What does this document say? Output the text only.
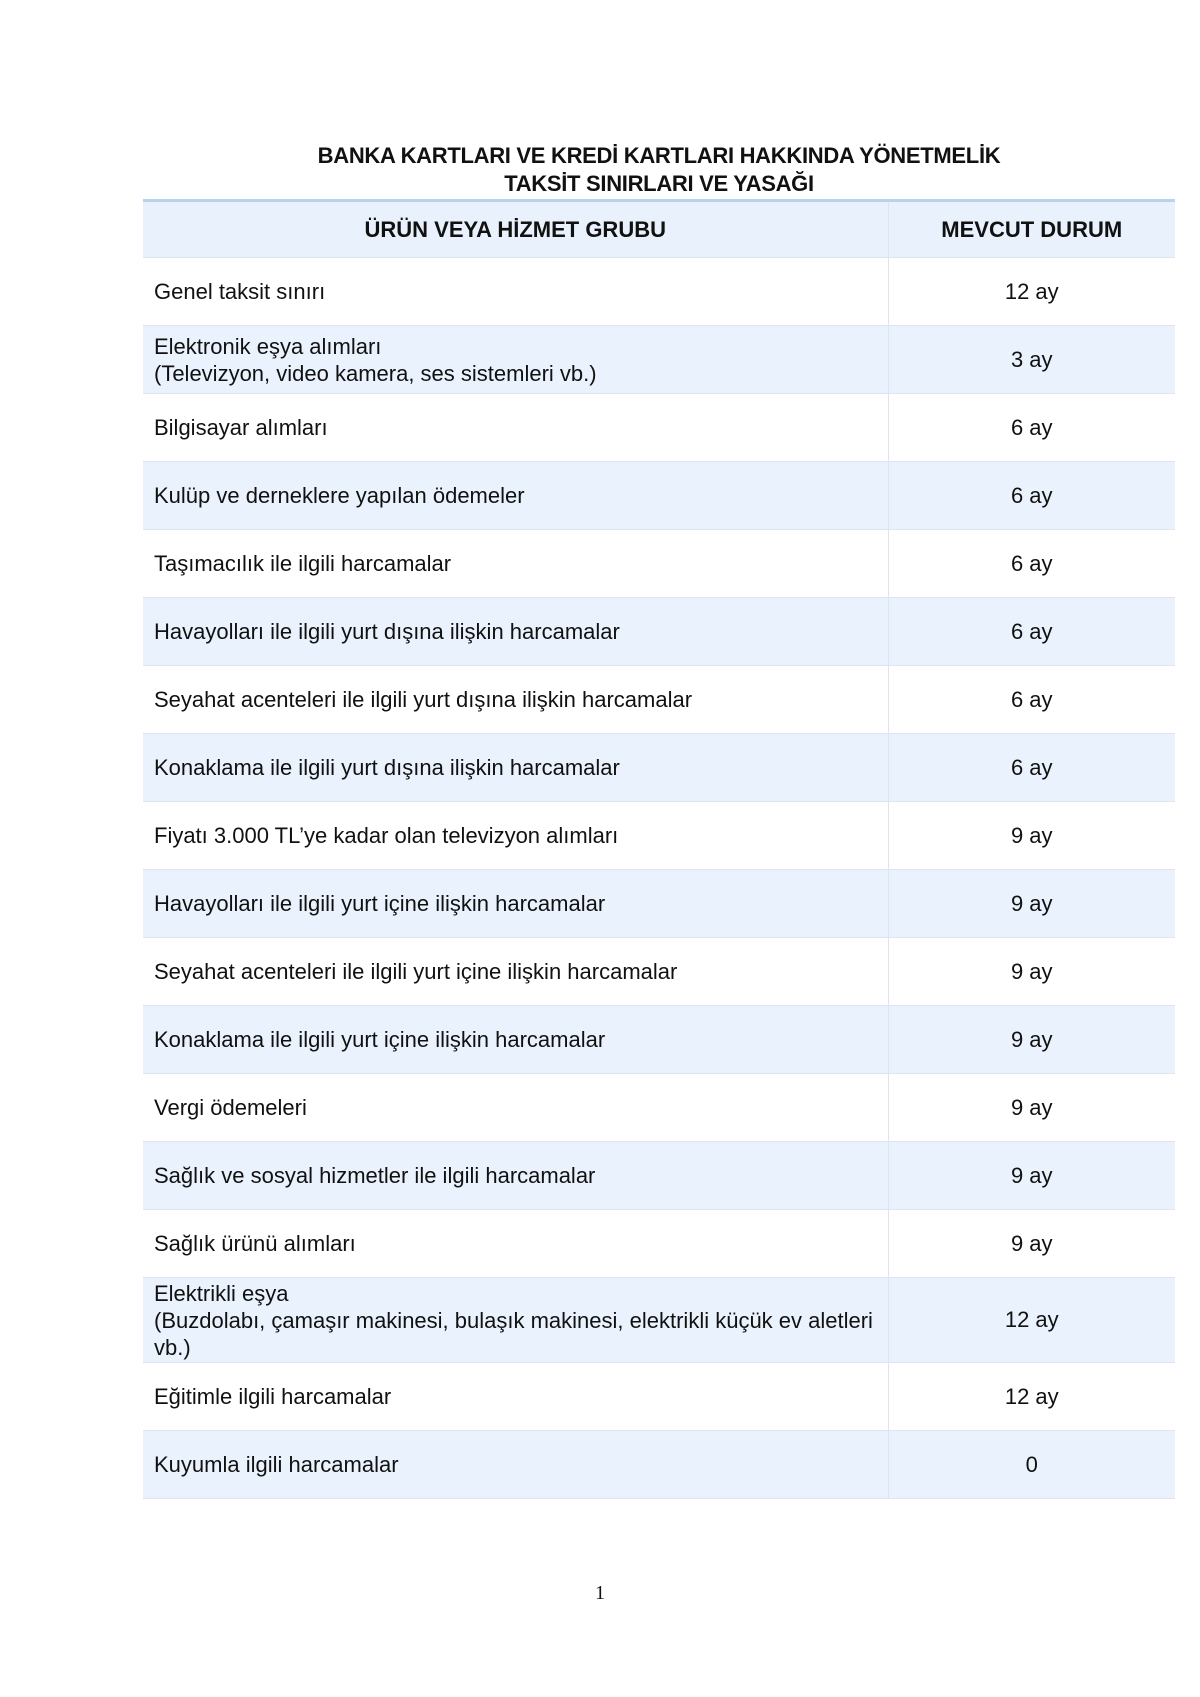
BANKA KARTLARI VE KREDİ KARTLARI HAKKINDA YÖNETMELİK
TAKSİT SINIRLARI VE YASAĞI
ÜRÜN VEYA HİZMET GRUBU	MEVCUT DURUM
Genel taksit sınırı	12 ay

Elektronik eşya alımları
(Televizyon, video kamera, ses sistemleri vb.)	3 ay
Bilgisayar alımları	6 ay
Kulüp ve derneklere yapılan ödemeler	6 ay
Taşımacılık ile ilgili harcamalar	6 ay
Havayolları ile ilgili yurt dışına ilişkin harcamalar	6 ay
Seyahat acenteleri ile ilgili yurt dışına ilişkin harcamalar	6 ay
Konaklama ile ilgili yurt dışına ilişkin harcamalar	6 ay
Fiyatı 3.000 TL’ye kadar olan televizyon alımları	9 ay
Havayolları ile ilgili yurt içine ilişkin harcamalar	9 ay
Seyahat acenteleri ile ilgili yurt içine ilişkin harcamalar	9 ay
Konaklama ile ilgili yurt içine ilişkin harcamalar	9 ay
Vergi ödemeleri	9 ay
Sağlık ve sosyal hizmetler ile ilgili harcamalar	9 ay
Sağlık ürünü alımları	9 ay

Elektrikli eşya
(Buzdolabı, çamaşır makinesi, bulaşık makinesi, elektrikli küçük ev aletleri vb.)	12 ay
Eğitimle ilgili harcamalar	12 ay
Kuyumla ilgili harcamalar	0
1
